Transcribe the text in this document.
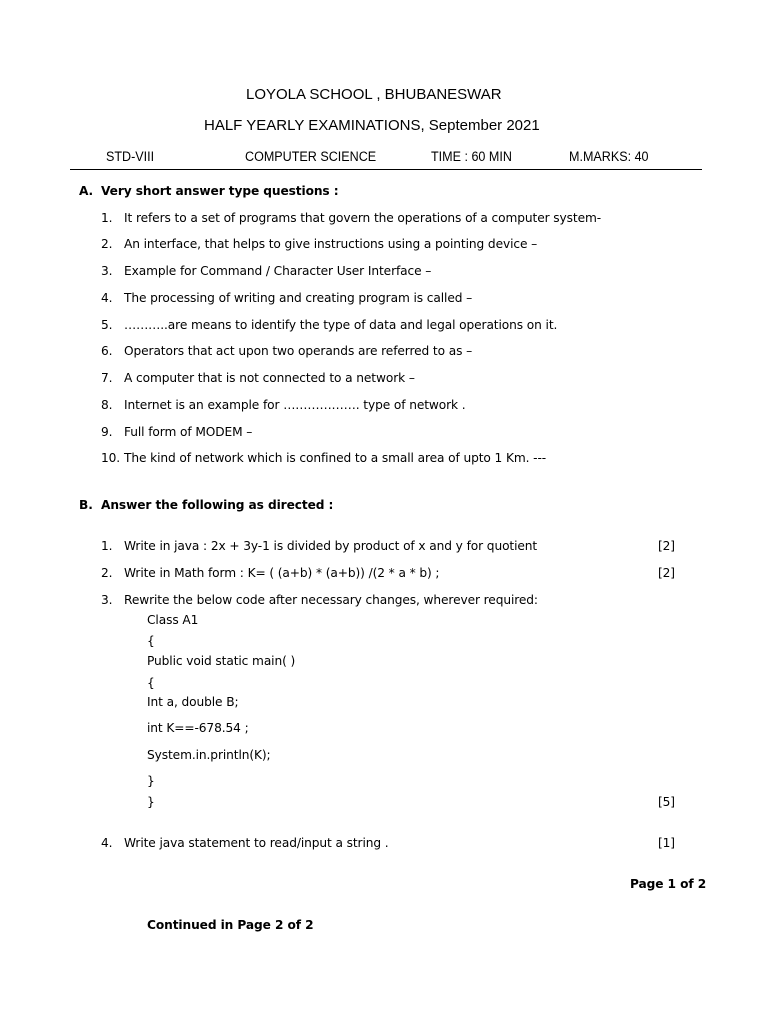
LOYOLA SCHOOL , BHUBANESWAR
HALF YEARLY EXAMINATIONS, September 2021
STD-VIII	COMPUTER SCIENCE	TIME : 60 MIN	M.MARKS: 40
A. Very short answer type questions :
1. It refers to a set of programs that govern the operations of a computer system-
2. An interface, that helps to give instructions using a pointing device –
3. Example for Command / Character User Interface –
4. The processing of writing and creating program is called –
5. ………..are means to identify the type of data and legal operations on it.
6. Operators that act upon two operands are referred to as –
7. A computer that is not connected to a network –
8. Internet is an example for ………………. type of network .
9. Full form of MODEM –
10. The kind of network which is confined to a small area of upto 1 Km. ---
B. Answer the following as directed :
1. Write in java : 2x + 3y-1 is divided by product of x and y for quotient	[2]
2. Write in Math form : K= ( (a+b) * (a+b)) /(2 * a * b) ;	[2]
3. Rewrite the below code after necessary changes, wherever required:
Class A1
{
Public void static main( )
{
Int a, double B;
int K==-678.54 ;
System.in.println(K);
}
}	[5]
4. Write java statement to read/input a string .	[1]
Page 1 of 2
Continued in Page 2 of 2
